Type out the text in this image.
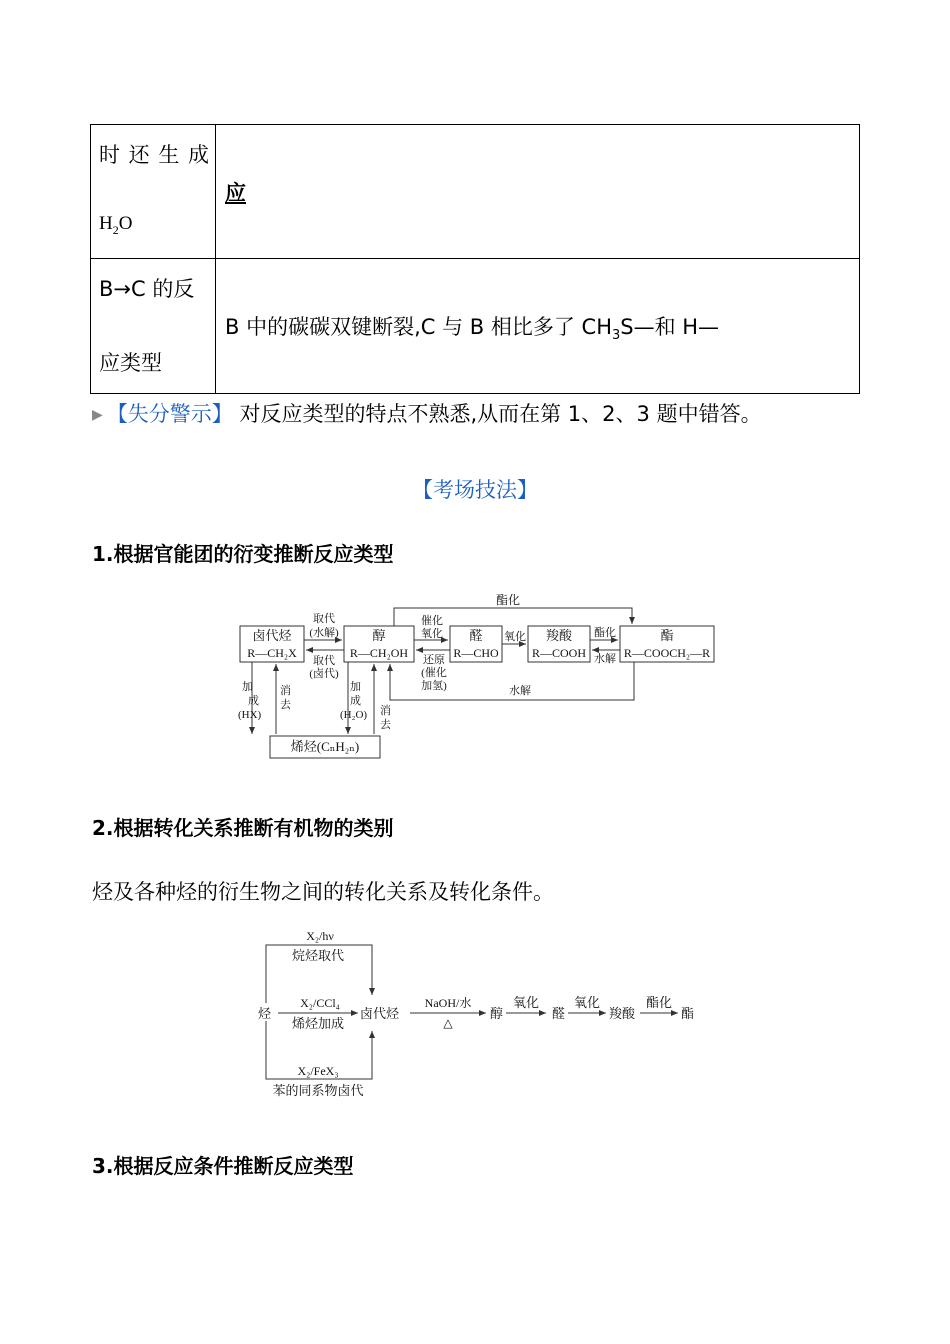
时 还 生 成
$H_2O$	应

B→C 的反
应类型	B 中的碳碳双键断裂,C 与 B 相比多了 $CH_3S—$和 H—
▶ 【失分警示】 对反应类型的特点不熟悉,从而在第 1、2、3 题中错答。
【考场技法】
1.根据官能团的衍变推断反应类型
酯化
卤代烃
R—CH₂X
醇
R—CH₂OH
醛
R—CHO
羧酸
R—COOH
酯
R—COOCH₂—R
烯烃(CₙH₂ₙ)
取代
(水解)
取代
(卤代)
催化
氧化
还原
(催化
加氢)
氧化	酯化
水解
水解
加
成
(HX)
消
去
加
成
(H₂O) 消
去
2.根据转化关系推断有机物的类别
烃及各种烃的衍生物之间的转化关系及转化条件。
烃
X₂/hν
烷烃取代
X₂/CCl₄
烯烃加成
X₂/FeX₃
苯的同系物卤代
卤代烃
NaOH/水
△
醇
氧化
醛
氧化
羧酸
酯化
酯
3.根据反应条件推断反应类型
